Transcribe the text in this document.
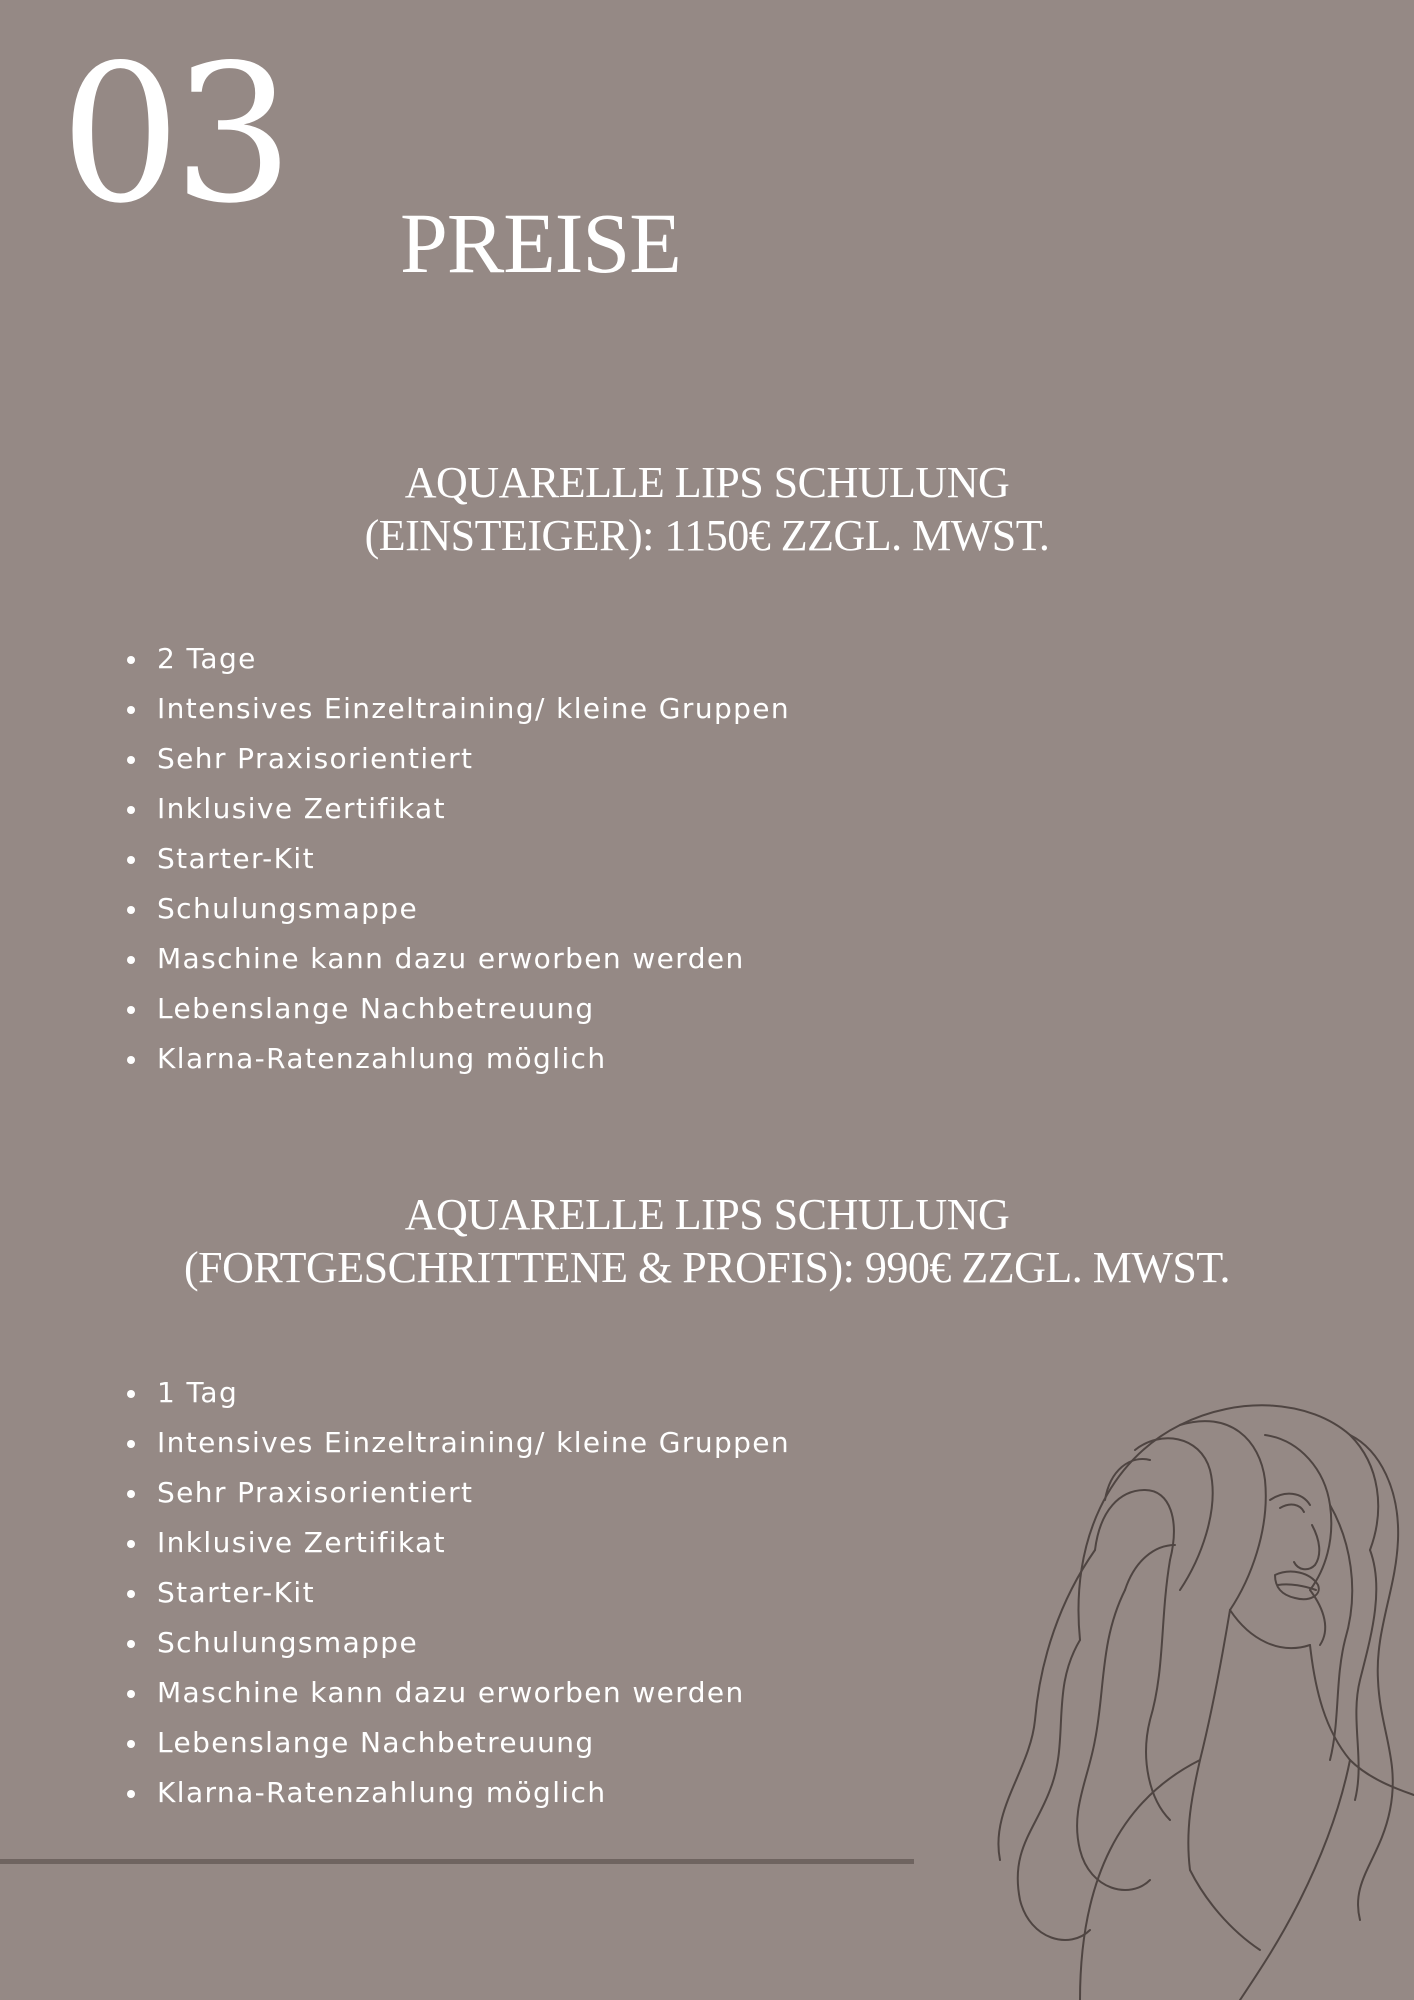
03 PREISE
AQUARELLE LIPS SCHULUNG
(EINSTEIGER): 1150€ ZZGL. MWST.
2 Tage
Intensives Einzeltraining/ kleine Gruppen
Sehr Praxisorientiert
Inklusive Zertifikat
Starter-Kit
Schulungsmappe
Maschine kann dazu erworben werden
Lebenslange Nachbetreuung
Klarna-Ratenzahlung möglich
AQUARELLE LIPS SCHULUNG
(FORTGESCHRITTENE & PROFIS): 990€ ZZGL. MWST.
1 Tag
Intensives Einzeltraining/ kleine Gruppen
Sehr Praxisorientiert
Inklusive Zertifikat
Starter-Kit
Schulungsmappe
Maschine kann dazu erworben werden
Lebenslange Nachbetreuung
Klarna-Ratenzahlung möglich
